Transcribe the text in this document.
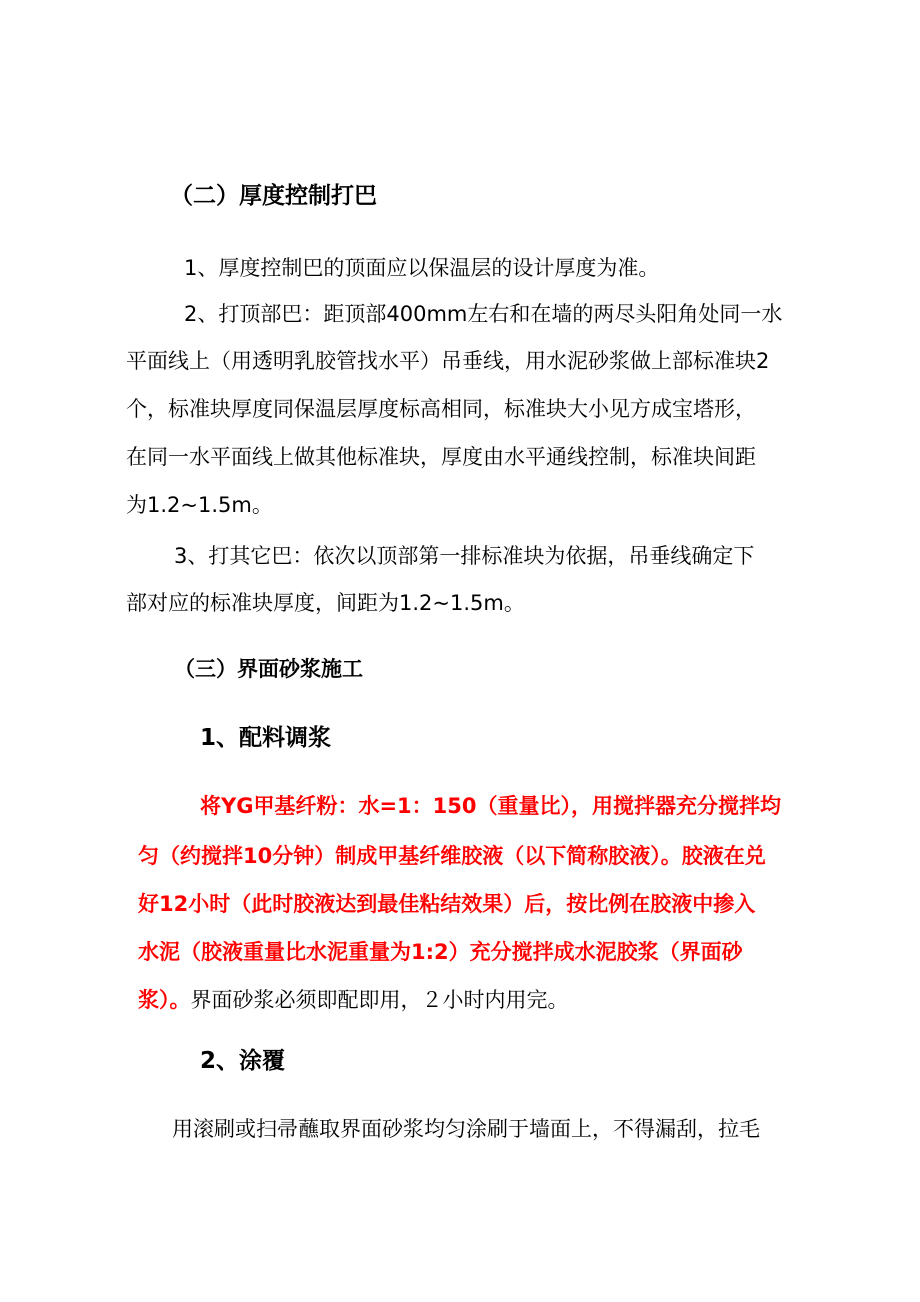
（二）厚度控制打巴
1、厚度控制巴的顶面应以保温层的设计厚度为准。
2、打顶部巴：距顶部400mm左右和在墙的两尽头阳角处同一水
平面线上（用透明乳胶管找水平）吊垂线，用水泥砂浆做上部标准块2
个，标准块厚度同保温层厚度标高相同，标准块大小见方成宝塔形，
在同一水平面线上做其他标准块，厚度由水平通线控制，标准块间距
为1.2~1.5m。
3、打其它巴：依次以顶部第一排标准块为依据，吊垂线确定下
部对应的标准块厚度，间距为1.2~1.5m。
（三）界面砂浆施工
1、配料调浆
将YG甲基纤粉：水=1：150（重量比），用搅拌器充分搅拌均
匀（约搅拌10分钟）制成甲基纤维胶液（以下简称胶液）。胶液在兑
好12小时（此时胶液达到最佳粘结效果）后，按比例在胶液中掺入
水泥（胶液重量比水泥重量为1:2）充分搅拌成水泥胶浆（界面砂
浆）。界面砂浆必须即配即用，２小时内用完。
2、涂覆
用滚刷或扫帚蘸取界面砂浆均匀涂刷于墙面上，不得漏刮，拉毛
